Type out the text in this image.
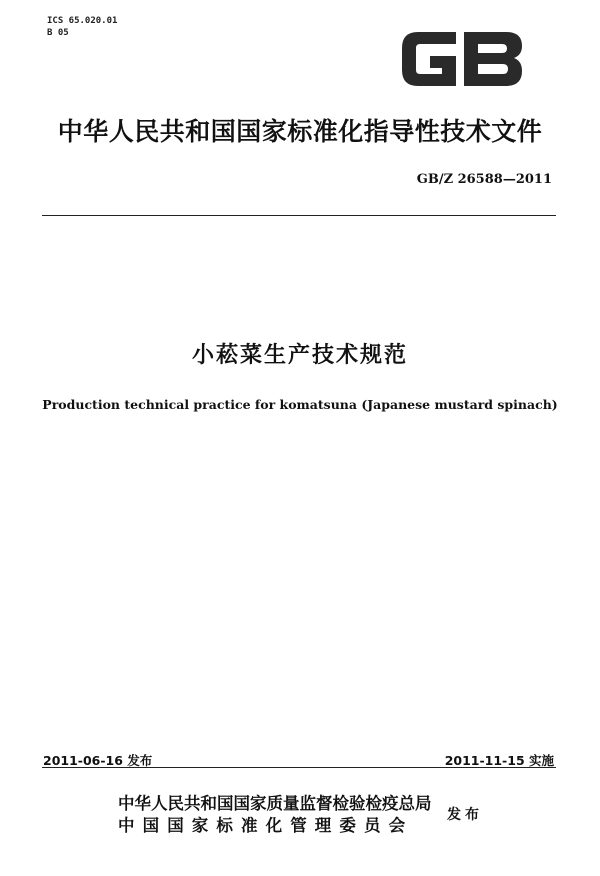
ICS 65.020.01
B 05
中华人民共和国国家标准化指导性技术文件
GB/Z 26588—2011
小菘菜生产技术规范
Production technical practice for komatsuna (Japanese mustard spinach)
2011-06-16 发布	2011-11-15 实施
中华人民共和国国家质量监督检验检疫总局
中国国家标准化管理委员会
发布
